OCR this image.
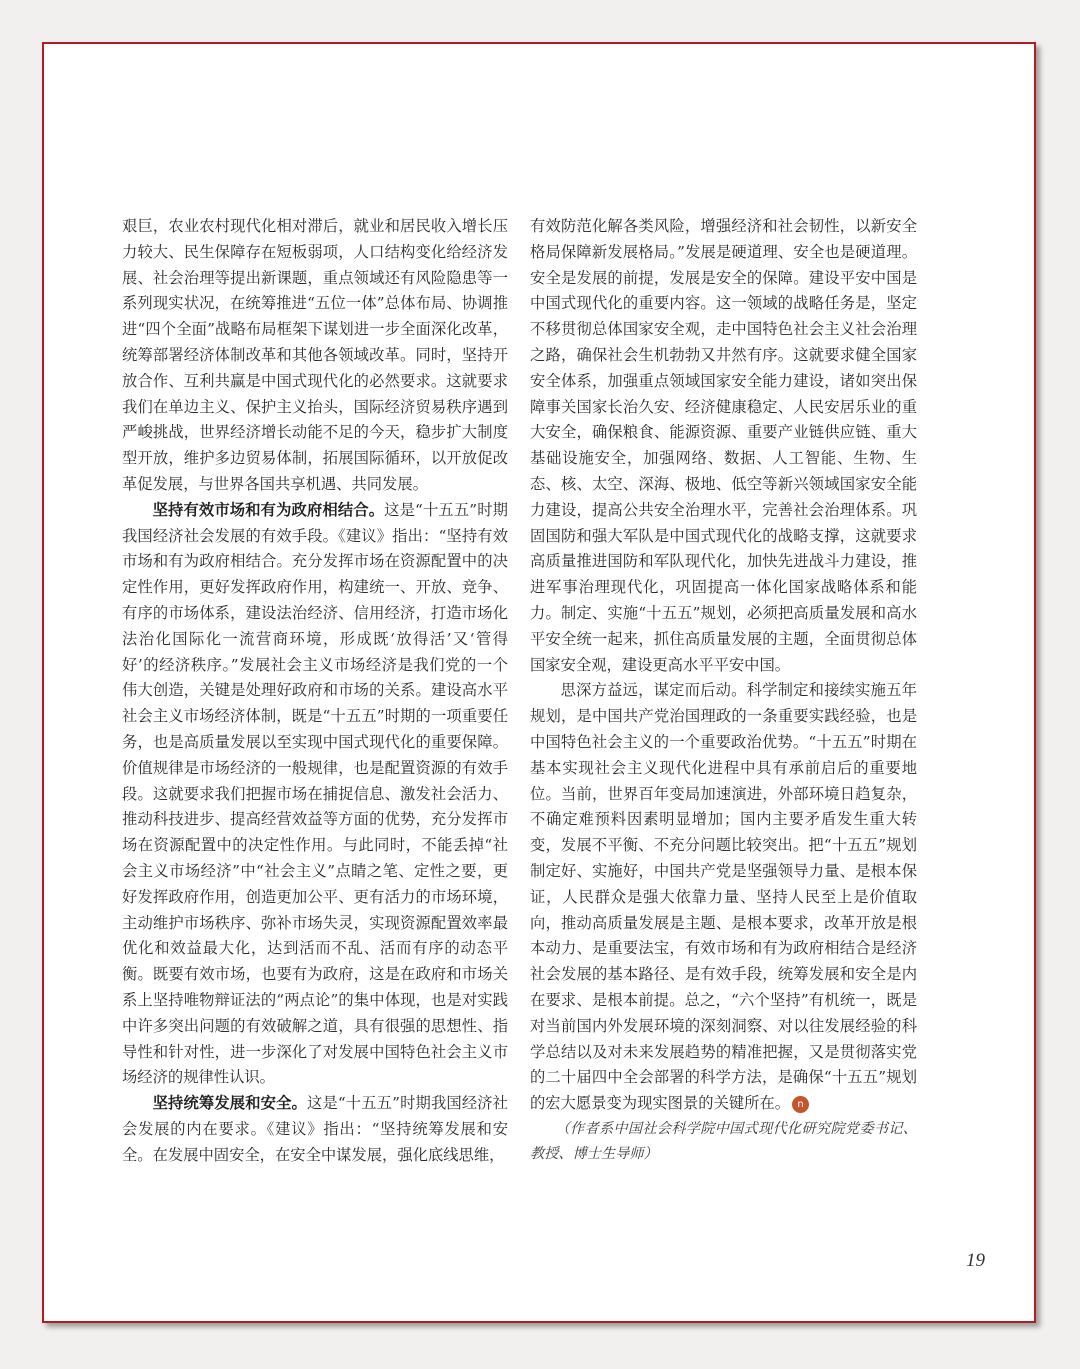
艰巨，农业农村现代化相对滞后，就业和居民收入增长压力较大、民生保障存在短板弱项，人口结构变化给经济发展、社会治理等提出新课题，重点领域还有风险隐患等一系列现实状况，在统筹推进“五位一体”总体布局、协调推进“四个全面”战略布局框架下谋划进一步全面深化改革，统筹部署经济体制改革和其他各领域改革。同时，坚持开放合作、互利共赢是中国式现代化的必然要求。这就要求我们在单边主义、保护主义抬头，国际经济贸易秩序遇到严峻挑战，世界经济增长动能不足的今天，稳步扩大制度型开放，维护多边贸易体制，拓展国际循环，以开放促改革促发展，与世界各国共享机遇、共同发展。

坚持有效市场和有为政府相结合。这是“十五五”时期我国经济社会发展的有效手段。《建议》指出：“坚持有效市场和有为政府相结合。充分发挥市场在资源配置中的决定性作用，更好发挥政府作用，构建统一、开放、竞争、有序的市场体系，建设法治经济、信用经济，打造市场化法治化国际化一流营商环境，形成既‘放得活’又‘管得好’的经济秩序。”发展社会主义市场经济是我们党的一个伟大创造，关键是处理好政府和市场的关系。建设高水平社会主义市场经济体制，既是“十五五”时期的一项重要任务，也是高质量发展以至实现中国式现代化的重要保障。价值规律是市场经济的一般规律，也是配置资源的有效手段。这就要求我们把握市场在捕捉信息、激发社会活力、推动科技进步、提高经营效益等方面的优势，充分发挥市场在资源配置中的决定性作用。与此同时，不能丢掉“社会主义市场经济”中“社会主义”点睛之笔、定性之要，更好发挥政府作用，创造更加公平、更有活力的市场环境，主动维护市场秩序、弥补市场失灵，实现资源配置效率最优化和效益最大化，达到活而不乱、活而有序的动态平衡。既要有效市场，也要有为政府，这是在政府和市场关系上坚持唯物辩证法的“两点论”的集中体现，也是对实践中许多突出问题的有效破解之道，具有很强的思想性、指导性和针对性，进一步深化了对发展中国特色社会主义市场经济的规律性认识。

坚持统筹发展和安全。这是“十五五”时期我国经济社会发展的内在要求。《建议》指出：“坚持统筹发展和安全。在发展中固安全，在安全中谋发展，强化底线思维，

有效防范化解各类风险，增强经济和社会韧性，以新安全格局保障新发展格局。”发展是硬道理、安全也是硬道理。安全是发展的前提，发展是安全的保障。建设平安中国是中国式现代化的重要内容。这一领域的战略任务是，坚定不移贯彻总体国家安全观，走中国特色社会主义社会治理之路，确保社会生机勃勃又井然有序。这就要求健全国家安全体系，加强重点领域国家安全能力建设，诸如突出保障事关国家长治久安、经济健康稳定、人民安居乐业的重大安全，确保粮食、能源资源、重要产业链供应链、重大基础设施安全，加强网络、数据、人工智能、生物、生态、核、太空、深海、极地、低空等新兴领域国家安全能力建设，提高公共安全治理水平，完善社会治理体系。巩固国防和强大军队是中国式现代化的战略支撑，这就要求高质量推进国防和军队现代化，加快先进战斗力建设，推进军事治理现代化，巩固提高一体化国家战略体系和能力。制定、实施“十五五”规划，必须把高质量发展和高水平安全统一起来，抓住高质量发展的主题，全面贯彻总体国家安全观，建设更高水平平安中国。

思深方益远，谋定而后动。科学制定和接续实施五年规划，是中国共产党治国理政的一条重要实践经验，也是中国特色社会主义的一个重要政治优势。“十五五”时期在基本实现社会主义现代化进程中具有承前启后的重要地位。当前，世界百年变局加速演进，外部环境日趋复杂，不确定难预料因素明显增加；国内主要矛盾发生重大转变，发展不平衡、不充分问题比较突出。把“十五五”规划制定好、实施好，中国共产党是坚强领导力量、是根本保证，人民群众是强大依靠力量、坚持人民至上是价值取向，推动高质量发展是主题、是根本要求，改革开放是根本动力、是重要法宝，有效市场和有为政府相结合是经济社会发展的基本路径、是有效手段，统筹发展和安全是内在要求、是根本前提。总之，“六个坚持”有机统一，既是对当前国内外发展环境的深刻洞察、对以往发展经验的科学总结以及对未来发展趋势的精准把握，又是贯彻落实党的二十届四中全会部署的科学方法，是确保“十五五”规划的宏大愿景变为现实图景的关键所在。 n

（作者系中国社会科学院中国式现代化研究院党委书记、教授、博士生导师）

19
